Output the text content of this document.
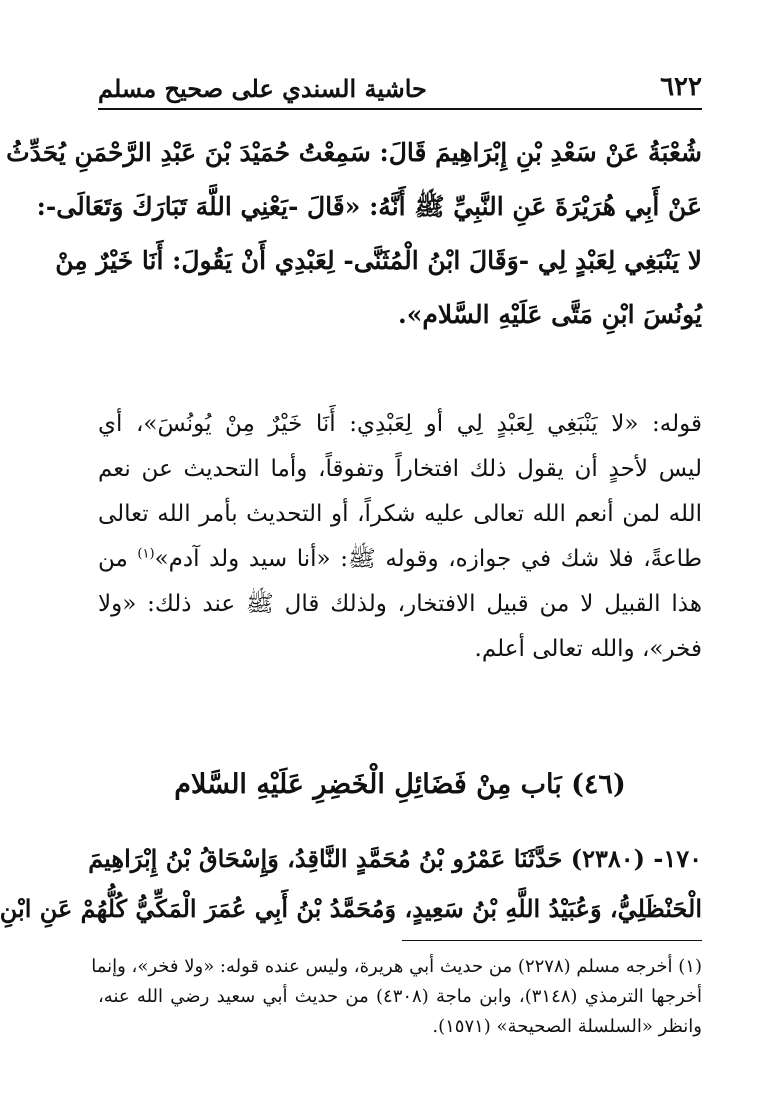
٦٢٢
حاشية السندي على صحيح مسلم
شُعْبَةُ عَنْ سَعْدِ بْنِ إِبْرَاهِيمَ قَالَ: سَمِعْتُ حُمَيْدَ بْنَ عَبْدِ الرَّحْمَنِ يُحَدِّثُ
عَنْ أَبِي هُرَيْرَةَ عَنِ النَّبِيِّ ﷺ أَنَّهُ: «قَالَ -يَعْنِي اللَّهَ تَبَارَكَ وَتَعَالَى-:
لا يَنْبَغِي لِعَبْدٍ لِي -وَقَالَ ابْنُ الْمُثَنَّى- لِعَبْدِي أَنْ يَقُولَ: أَنَا خَيْرٌ مِنْ
يُونُسَ ابْنِ مَتَّى عَلَيْهِ السَّلام».
قوله: «لا يَنْبَغِي لِعَبْدٍ لِي أو لِعَبْدِي: أَنَا خَيْرٌ مِنْ يُونُسَ»، أي
ليس لأحدٍ أن يقول ذلك افتخاراً وتفوقاً، وأما التحديث عن نعم
الله لمن أنعم الله تعالى عليه شكراً، أو التحديث بأمر الله تعالى
طاعةً، فلا شك في جوازه، وقوله ﷺ: «أنا سيد ولد آدم»$^{(١)}$ من
هذا القبيل لا من قبيل الافتخار، ولذلك قال ﷺ عند ذلك: «ولا
فخر»، والله تعالى أعلم.
(٤٦) بَاب مِنْ فَضَائِلِ الْخَضِرِ عَلَيْهِ السَّلام
١٧٠- (٢٣٨٠) حَدَّثَنَا عَمْرُو بْنُ مُحَمَّدٍ النَّاقِدُ، وَإِسْحَاقُ بْنُ إِبْرَاهِيمَ
الْحَنْظَلِيُّ، وَعُبَيْدُ اللَّهِ بْنُ سَعِيدٍ، وَمُحَمَّدُ بْنُ أَبِي عُمَرَ الْمَكِّيُّ كُلُّهُمْ عَنِ ابْنِ
(١) أخرجه مسلم (٢٢٧٨) من حديث أبي هريرة، وليس عنده قوله: «ولا فخر»، وإنما
أخرجها الترمذي (٣١٤٨)، وابن ماجة (٤٣٠٨) من حديث أبي سعيد رضي الله عنه،
وانظر «السلسلة الصحيحة» (١٥٧١).
